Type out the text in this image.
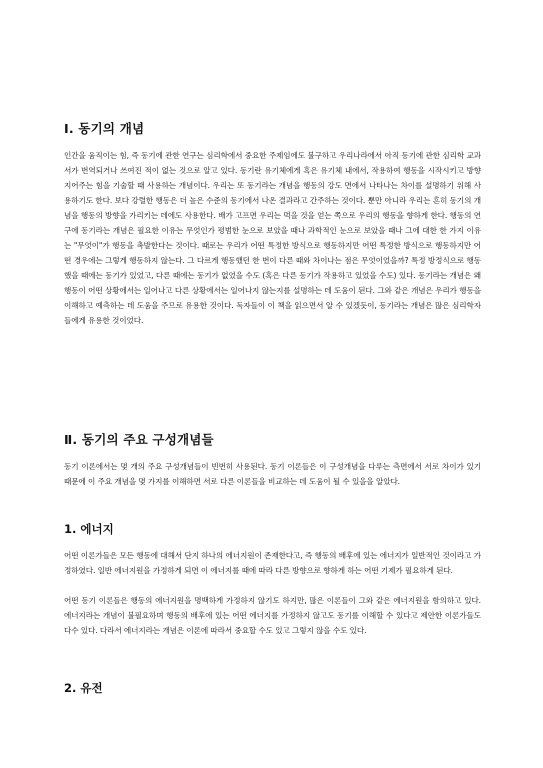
Ⅰ. 동기의 개념

인간을 움직이는 힘, 즉 동기에 관한 연구는 심리학에서 중요한 주제임에도 불구하고 우리나라에서 아직 동기에 관한 심리학 교과서가 번역되거나 쓰여진 적이 없는 것으로 알고 있다. 동기란 유기체에게 혹은 유기체 내에서, 작용하여 행동을 시작시키고 방향 지어주는 힘을 기술할 때 사용하는 개념이다. 우리는 또 동기라는 개념을 행동의 강도 면에서 나타나는 차이를 설명하기 위해 사용하기도 한다. 보다 강렬한 행동은 더 높은 수준의 동기에서 나온 결과라고 간주하는 것이다. 뿐만 아니라 우리는 흔히 동기의 개념을 행동의 방향을 가리키는 데에도 사용한다. 배가 고프면 우리는 먹을 것을 얻는 쪽으로 우리의 행동을 향하게 한다. 행동의 연구에 동기라는 개념은 필요한 이유는 무엇인가 평범한 눈으로 보았을 때나 과학적인 눈으로 보았을 때나 그에 대한 한 가지 이유는 "무엇이"가 행동을 촉발한다는 것이다. 때로는 우리가 어떤 특정한 방식으로 행동하지만 어떤 특정한 방식으로 행동하지만 어떤 경우에는 그렇게 행동하지 않는다. 그 다르게 행동했던 한 번이 다른 때와 차이나는 점은 무엇이었을까? 특정 방정식으로 행동했을 때에는 동기가 있었고, 다른 때에는 동기가 없었을 수도 (혹은 다른 동기가 작용하고 있었을 수도) 있다. 동기라는 개념은 왜 행동이 어떤 상황에서는 일어나고 다른 상황에서는 일어나지 않는지를 설명하는 데 도움이 된다. 그와 같은 개념은 우리가 행동을 이해하고 예측하는 데 도움을 주므로 유용한 것이다. 독자들이 이 책을 읽으면서 알 수 있겠듯이, 동기라는 개념은 많은 심리학자들에게 유용한 것이었다.

Ⅱ. 동기의 주요 구성개념들

동기 이론에서는 몇 개의 주요 구성개념들이 빈번히 사용된다. 동기 이론들은 이 구성개념을 다루는 측면에서 서로 차이가 있기 때문에 이 주요 개념을 몇 가지를 이해하면 서로 다른 이론들을 비교하는 데 도움이 될 수 있을을 알았다.

1. 에너지

어떤 이론가들은 모든 행동에 대해서 단지 하나의 에너지원이 존재한다고, 즉 행동의 배후에 있는 에너지가 일반적인 것이라고 가정하였다. 일반 에너지원을 가정하게 되면 이 에너지를 때에 따라 다른 방향으로 향하게 하는 어떤 기제가 필요하게 된다.

어떤 동기 이론들은 행동의 에너지원을 명백하게 가정하지 않기도 하지만, 많은 이론들이 그와 같은 에너지원을 함의하고 있다. 에너지라는 개념이 불필요하며 행동의 배후에 있는 어떤 에너지를 가정하지 않고도 동기를 이해할 수 있다고 제안한 이론가들도 다수 있다. 다라서 에너지라는 개념은 이론에 따라서 중요할 수도 있고 그렇지 않을 수도 있다.

2. 유전
